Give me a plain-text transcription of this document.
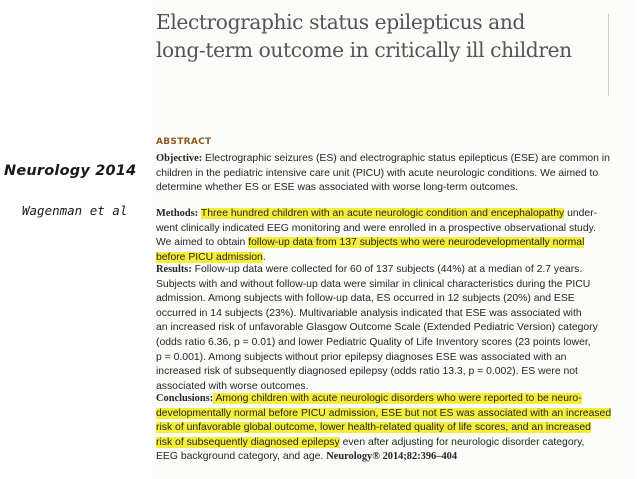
Neurology 2014
Wagenman et al
Electrographic status epilepticus and
long-term outcome in critically ill children
ABSTRACT
Objective: Electrographic seizures (ES) and electrographic status epilepticus (ESE) are common in
children in the pediatric intensive care unit (PICU) with acute neurologic conditions. We aimed to
determine whether ES or ESE was associated with worse long-term outcomes.
Methods: Three hundred children with an acute neurologic condition and encephalopathy under-
went clinically indicated EEG monitoring and were enrolled in a prospective observational study.
We aimed to obtain follow-up data from 137 subjects who were neurodevelopmentally normal
before PICU admission.
Results: Follow-up data were collected for 60 of 137 subjects (44%) at a median of 2.7 years.
Subjects with and without follow-up data were similar in clinical characteristics during the PICU
admission. Among subjects with follow-up data, ES occurred in 12 subjects (20%) and ESE
occurred in 14 subjects (23%). Multivariable analysis indicated that ESE was associated with
an increased risk of unfavorable Glasgow Outcome Scale (Extended Pediatric Version) category
(odds ratio 6.36, p = 0.01) and lower Pediatric Quality of Life Inventory scores (23 points lower,
p = 0.001). Among subjects without prior epilepsy diagnoses ESE was associated with an
increased risk of subsequently diagnosed epilepsy (odds ratio 13.3, p = 0.002). ES were not
associated with worse outcomes.
Conclusions: Among children with acute neurologic disorders who were reported to be neuro-
developmentally normal before PICU admission, ESE but not ES was associated with an increased
risk of unfavorable global outcome, lower health-related quality of life scores, and an increased
risk of subsequently diagnosed epilepsy even after adjusting for neurologic disorder category,
EEG background category, and age. Neurology® 2014;82:396–404
